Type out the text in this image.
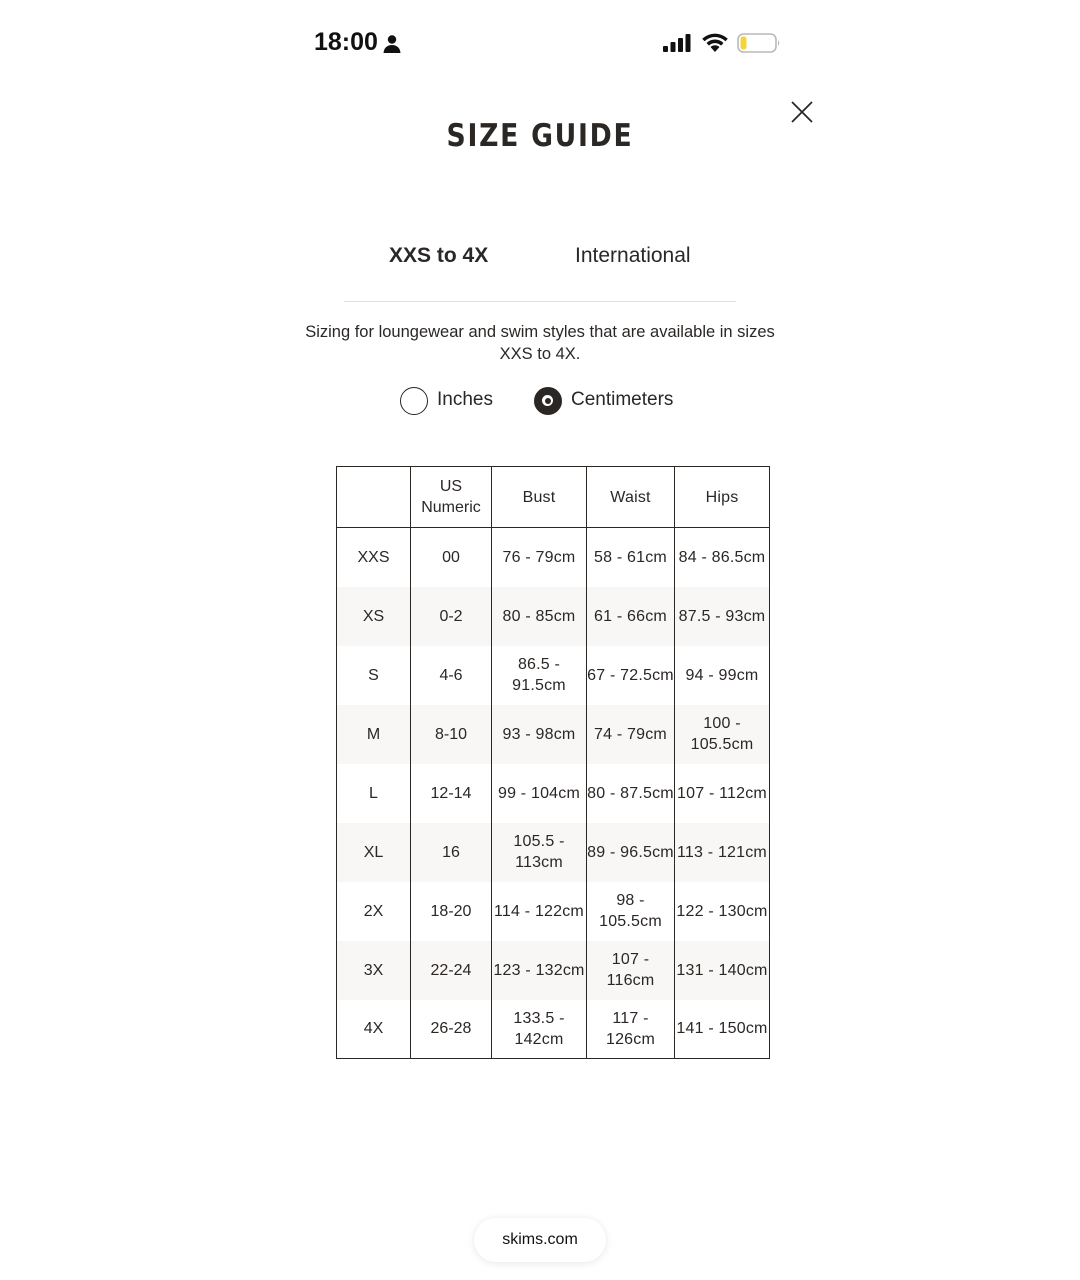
18:00
SIZE GUIDE
XXS to 4X	International

Sizing for loungewear and swim styles that are available in sizes XXS to 4X.

Inches	Centimeters
	US Numeric	Bust	Waist	Hips
XXS	00	76 - 79cm	58 - 61cm	84 - 86.5cm
XS	0-2	80 - 85cm	61 - 66cm	87.5 - 93cm
S	4-6	86.5 - 91.5cm	67 - 72.5cm	94 - 99cm
M	8-10	93 - 98cm	74 - 79cm	100 - 105.5cm
L	12-14	99 - 104cm	80 - 87.5cm	107 - 112cm
XL	16	105.5 - 113cm	89 - 96.5cm	113 - 121cm
2X	18-20	114 - 122cm	98 - 105.5cm	122 - 130cm
3X	22-24	123 - 132cm	107 - 116cm	131 - 140cm
4X	26-28	133.5 - 142cm	117 - 126cm	141 - 150cm
skims.com
